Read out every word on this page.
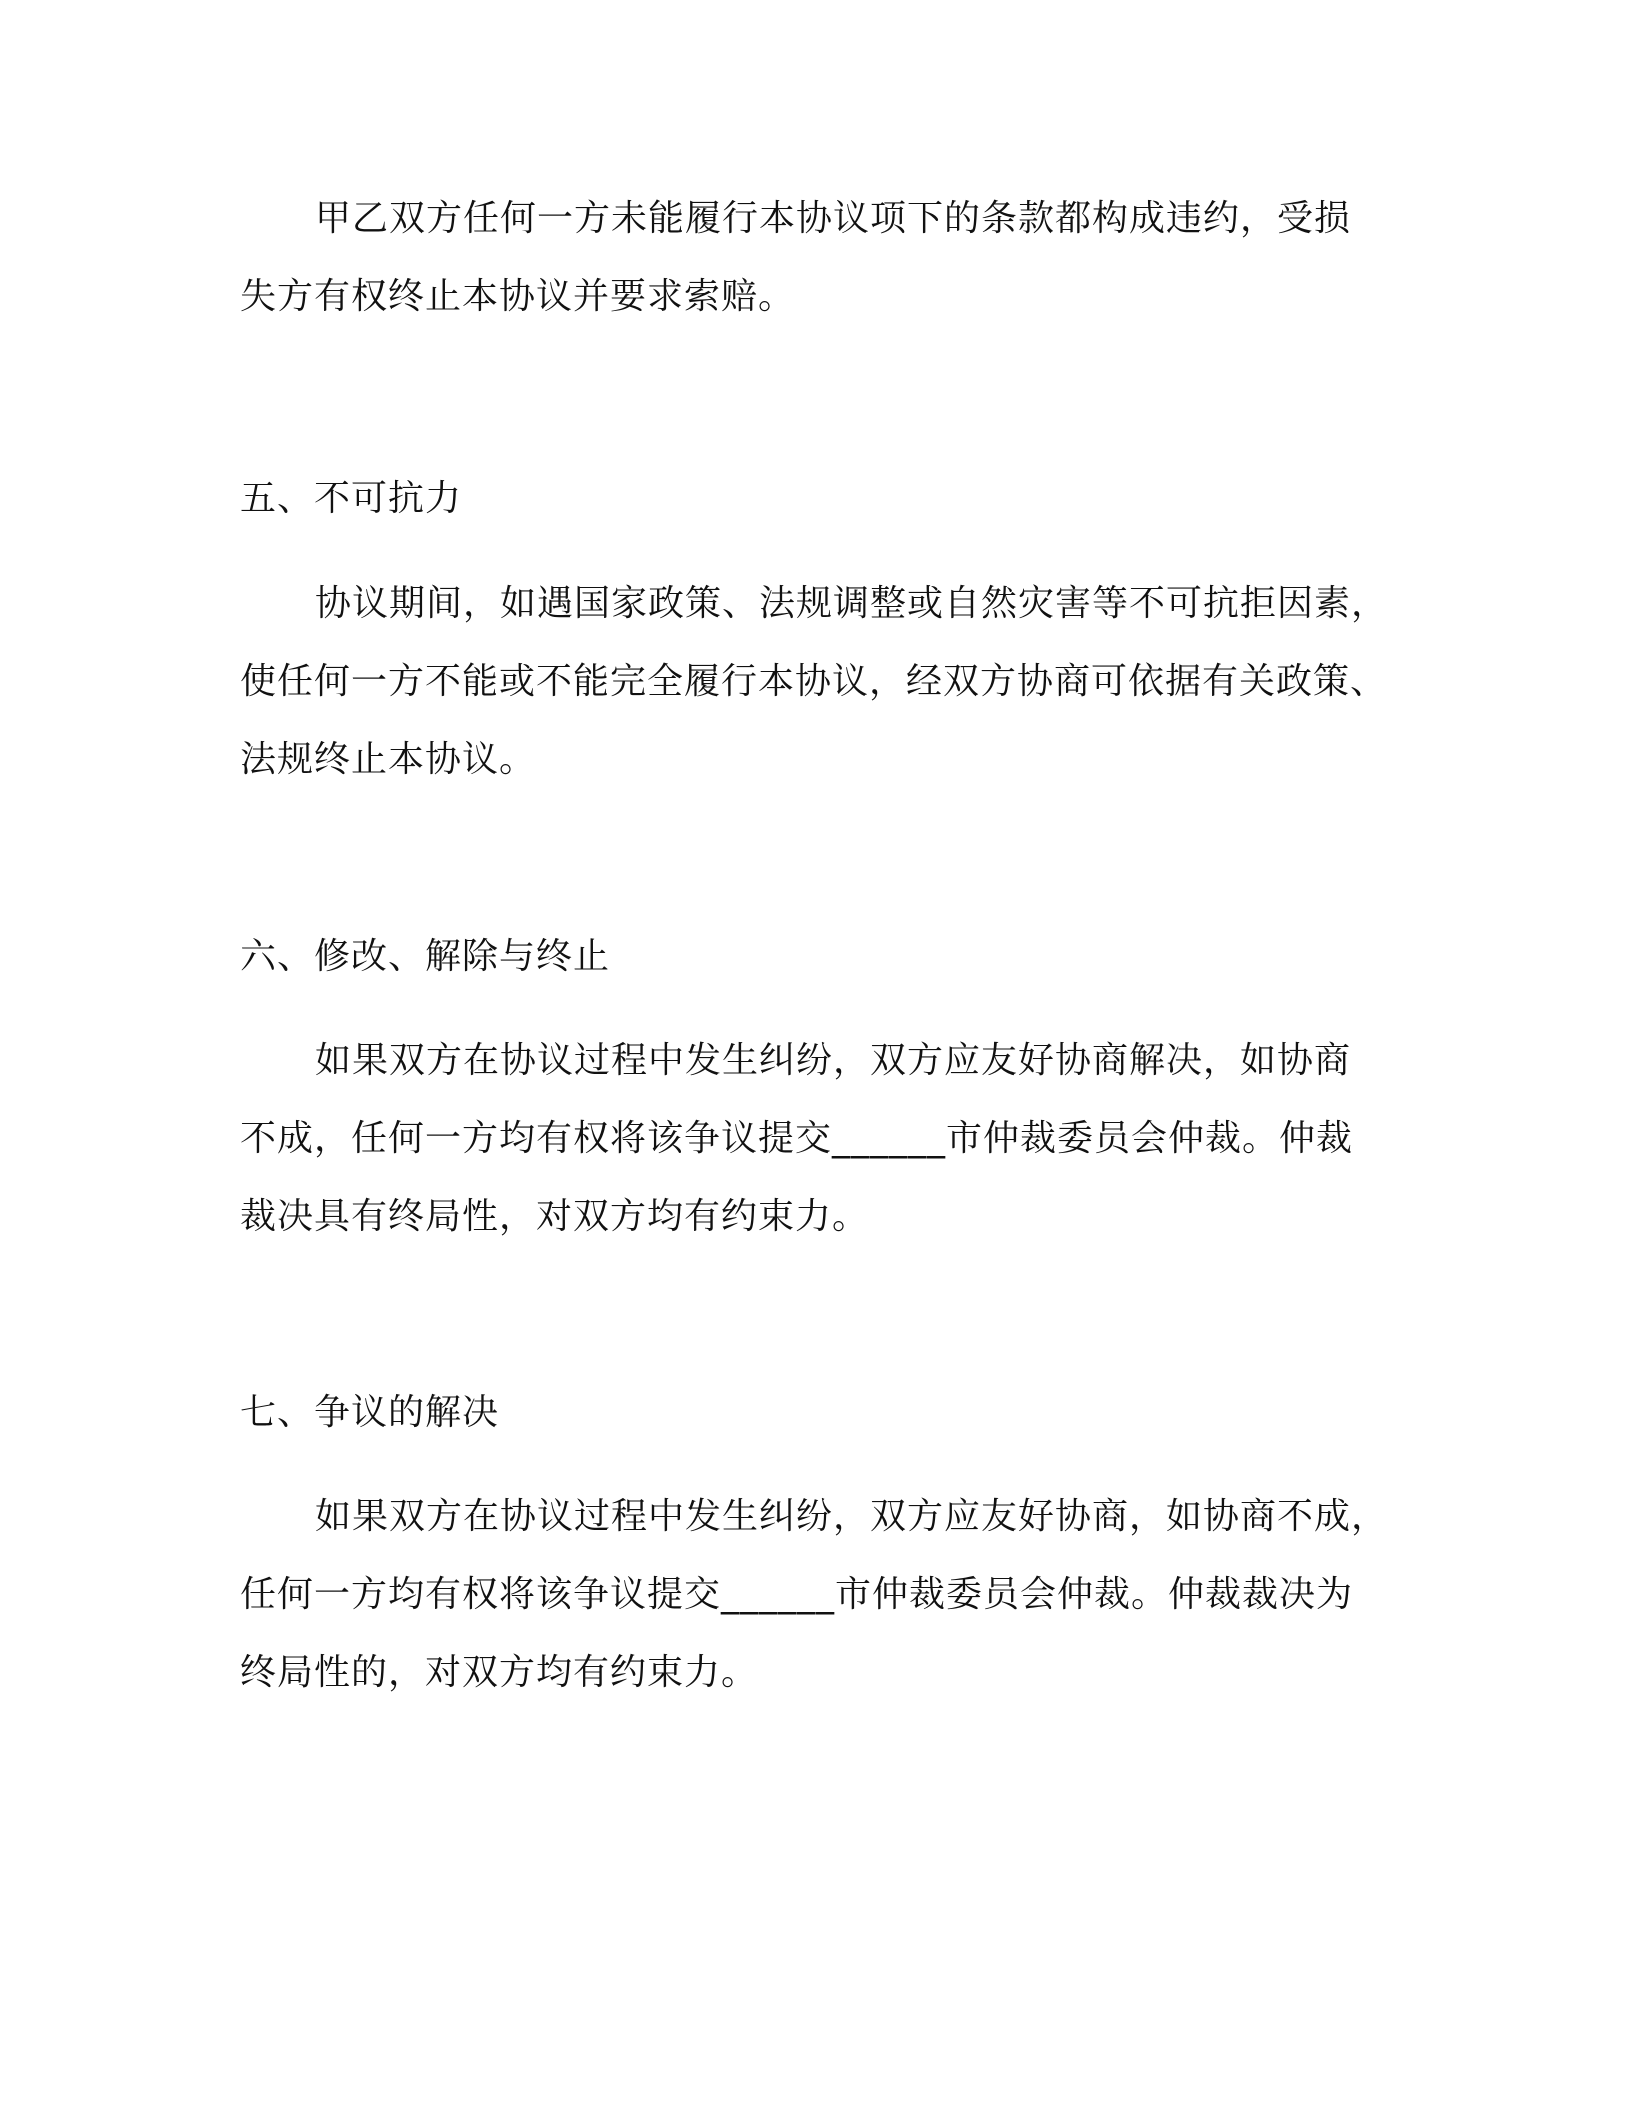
甲乙双方任何一方未能履行本协议项下的条款都构成违约，受损
失方有权终止本协议并要求索赔。
五、不可抗力
协议期间，如遇国家政策、法规调整或自然灾害等不可抗拒因素，
使任何一方不能或不能完全履行本协议，经双方协商可依据有关政策、
法规终止本协议。
六、修改、解除与终止
如果双方在协议过程中发生纠纷，双方应友好协商解决，如协商
不成，任何一方均有权将该争议提交______市仲裁委员会仲裁。仲裁
裁决具有终局性，对双方均有约束力。
七、争议的解决
如果双方在协议过程中发生纠纷，双方应友好协商，如协商不成，
任何一方均有权将该争议提交______市仲裁委员会仲裁。仲裁裁决为
终局性的，对双方均有约束力。
